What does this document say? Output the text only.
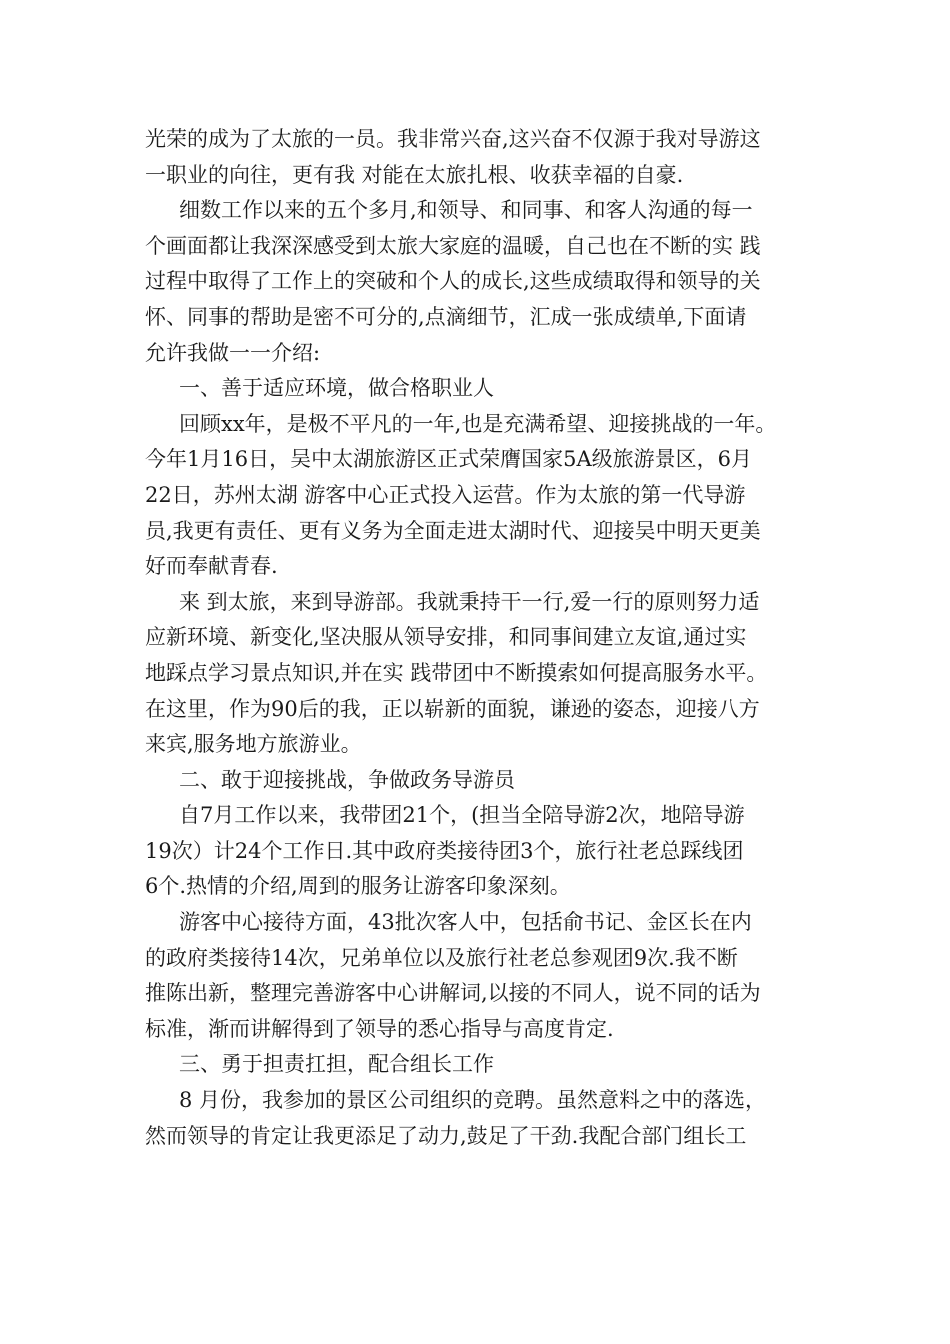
光荣的成为了太旅的一员。我非常兴奋,这兴奋不仅源于我对导游这

一职业的向往，更有我 对能在太旅扎根、收获幸福的自豪.

细数工作以来的五个多月,和领导、和同事、和客人沟通的每一

个画面都让我深深感受到太旅大家庭的温暖，自己也在不断的实 践

过程中取得了工作上的突破和个人的成长,这些成绩取得和领导的关

怀、同事的帮助是密不可分的,点滴细节，汇成一张成绩单,下面请

允许我做一一介绍:

一、善于适应环境，做合格职业人

回顾xx年，是极不平凡的一年,也是充满希望、迎接挑战的一年。

今年1月16日，吴中太湖旅游区正式荣膺国家5A级旅游景区，6月

22日，苏州太湖 游客中心正式投入运营。作为太旅的第一代导游

员,我更有责任、更有义务为全面走进太湖时代、迎接吴中明天更美

好而奉献青春.

来 到太旅，来到导游部。我就秉持干一行,爱一行的原则努力适

应新环境、新变化,坚决服从领导安排，和同事间建立友谊,通过实

地踩点学习景点知识,并在实 践带团中不断摸索如何提高服务水平。

在这里，作为90后的我，正以崭新的面貌，谦逊的姿态，迎接八方

来宾,服务地方旅游业。

二、敢于迎接挑战，争做政务导游员

自7月工作以来，我带团21个，(担当全陪导游2次，地陪导游

19次）计24个工作日.其中政府类接待团3个，旅行社老总踩线团

6个.热情的介绍,周到的服务让游客印象深刻。

游客中心接待方面，43批次客人中，包括俞书记、金区长在内

的政府类接待14次，兄弟单位以及旅行社老总参观团9次.我不断

推陈出新，整理完善游客中心讲解词,以接的不同人，说不同的话为

标准，渐而讲解得到了领导的悉心指导与高度肯定.

三、勇于担责扛担，配合组长工作

8 月份，我参加的景区公司组织的竞聘。虽然意料之中的落选，

然而领导的肯定让我更添足了动力,鼓足了干劲.我配合部门组长工
